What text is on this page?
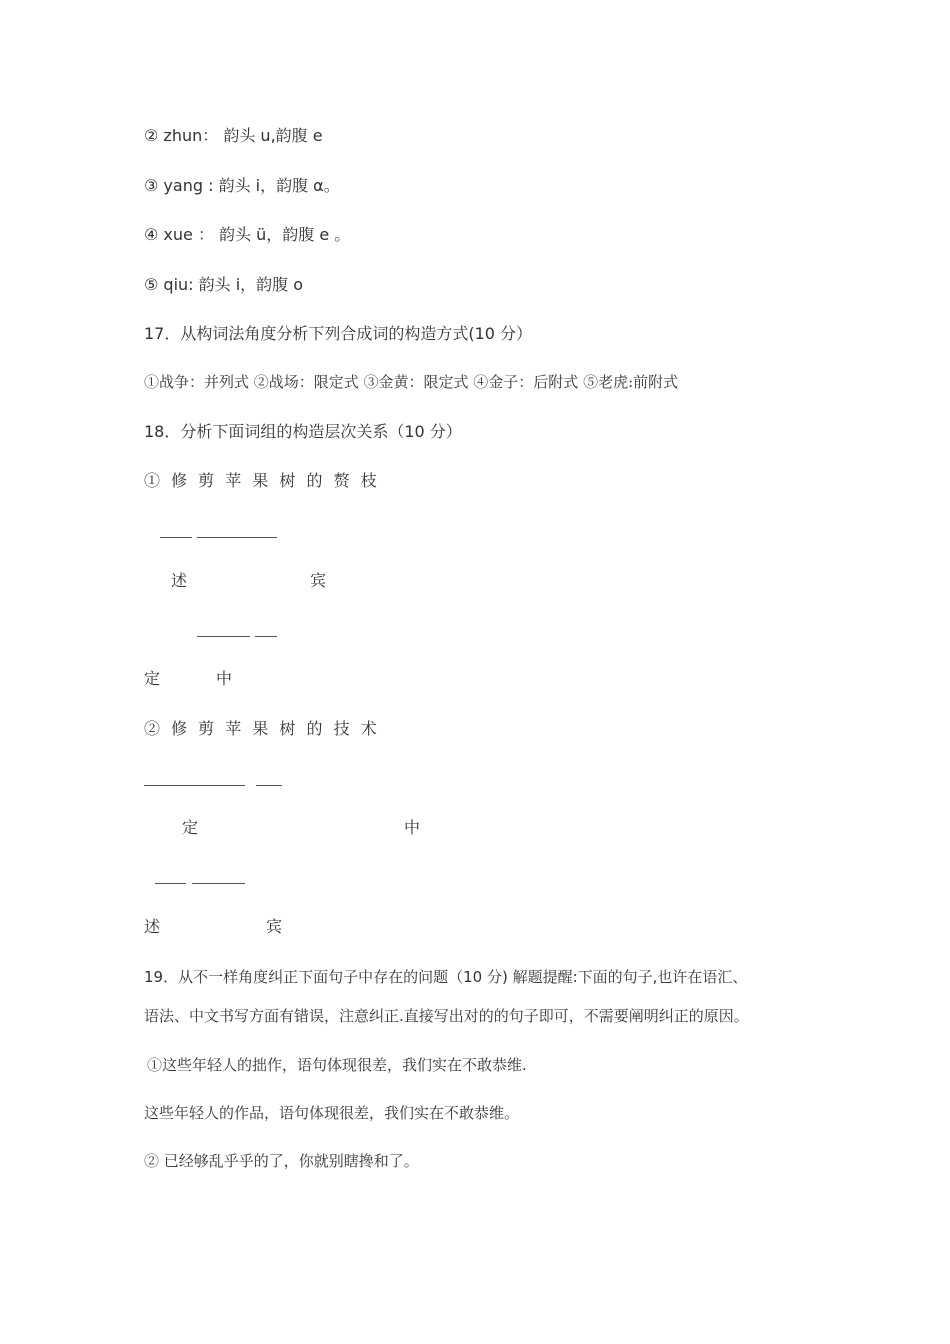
② zhun： 韵头 u,韵腹 e
③ yang : 韵头 i，韵腹 α。
④ xue ： 韵头 ü，韵腹 e 。
⑤ qiu: 韵头 i，韵腹 o
17．从构词法角度分析下列合成词的构造方式(10 分）
①战争：并列式 ②战场：限定式 ③金黄：限定式 ④金子：后附式 ⑤老虎:前附式
18．分析下面词组的构造层次关系（10 分）
① 修 剪 苹 果 树 的 赘 枝
述	宾
定	中
② 修 剪 苹 果 树 的 技 术
定	中
述	宾
19．从不一样角度纠正下面句子中存在的问题（10 分) 解题提醒:下面的句子,也许在语汇、
语法、中文书写方面有错误，注意纠正.直接写出对的的句子即可，不需要阐明纠正的原因。
①这些年轻人的拙作，语句体现很差，我们实在不敢恭维.
这些年轻人的作品，语句体现很差，我们实在不敢恭维。
② 已经够乱乎乎的了，你就别瞎搀和了。
